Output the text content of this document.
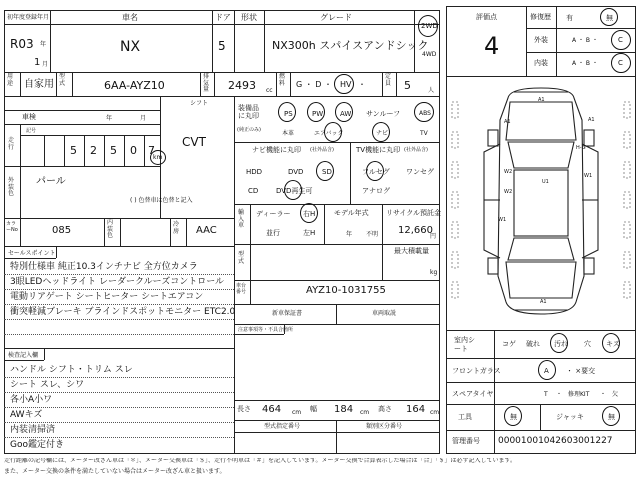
初年度登録年月	車名	ドア 形状	グレード
R03 年
1 月
NX	5	NX300h スパイスアンドシック
2WD
4WD
用途 自家用
型式	6AA-AYZ10
排気量 2493 cc
燃料 G ・ D ・ HV ・
定員 5	人
シフト
CVT
車検	年	月
走行
記号
5 2 5 0 7
km
外装色
パール
( ) 色替車は色替と記入
カラーNo	085
内装色
冷房 AAC
セールスポイント
特別仕様車 純正10.3インチナビ 全方位カメラ
3眼LEDヘッドライト レーダークルーズコントロール
電動リアゲート シートヒーター シートエアコン
衝突軽減ブレーキ ブラインドスポットモニター ETC2.0
検査記入欄
ハンドル シフト・トリム スレ
シート スレ、シワ
各小A小ワ
AWキズ
内装清掃済
Goo鑑定付き
装備品に丸印
(純正のみ)
PS	PW AW サンルーフ	ABS
本革	エアバック	ナビ	TV
ナビ機能に丸印 (社外品含)	TV機能に丸印 (社外品含)
HDD	DVD	SD
CD	DVD再生可
フルセグ ワンセグ
アナログ
輸入車
ディーラー 右H
並行	左H
モデル年式
年 不明
リサイクル預託金
12,660
円
最大積載量
kg
型式
車台番号	AYZ10-1031755
新車保証書	車両取説
注意事項等・不具合箇所
長さ 464 cm 幅 184 cm 高さ 164 cm
型式指定番号	類別区分番号
評価点
4
修復歴 有	無
外装	A ・ B ・	C
内装	A ・ B ・	C
A1
A1	A1
W2
W2
W1
U1
W1
H-G
A1
室内シート
コゲ 破れ 汚れ 穴 キズ
フロントガラス	A ・ ×要交
スペアタイヤ	T ・ 修理KIT ・ 欠
工具	無	ジャッキ	無
管理番号 00001001042603001227
走行距離の記号欄には、メーター改ざん車は「＊」、メーター交換車は「＄」、走行不明車は「＃」を記入しています。メーター交換で合算表示した場合は「合」「＄」は必ず記入しています。
また、メーター交換の条件を満たしていない場合はメーター改ざん車と扱います。
